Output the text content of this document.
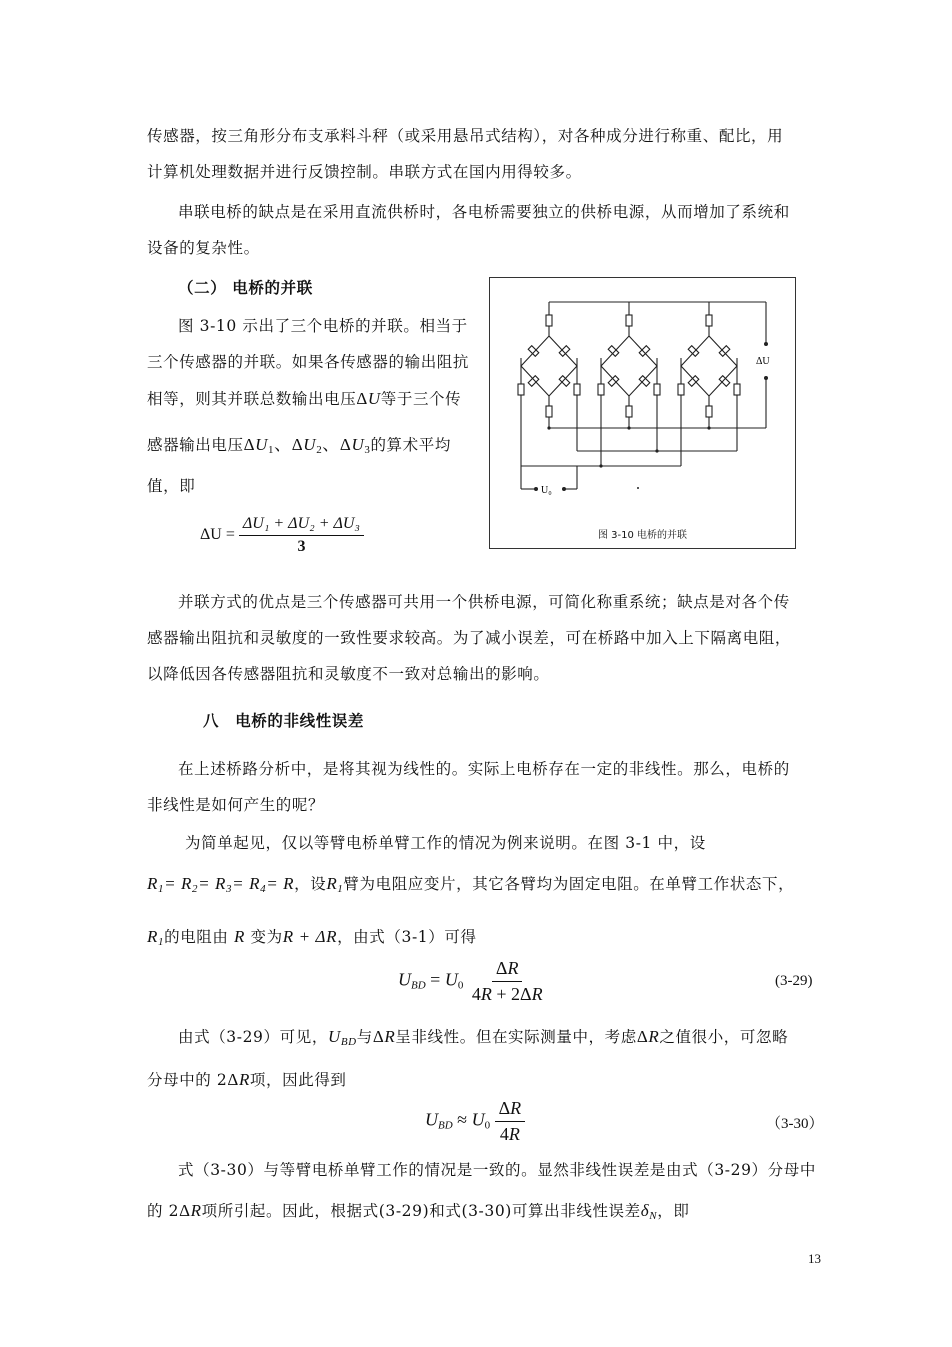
传感器，按三角形分布支承料斗秤（或采用悬吊式结构），对各种成分进行称重、配比，用
计算机处理数据并进行反馈控制。串联方式在国内用得较多。
串联电桥的缺点是在采用直流供桥时，各电桥需要独立的供桥电源，从而增加了系统和
设备的复杂性。
（二） 电桥的并联
图 3-10 示出了三个电桥的并联。相当于
三个传感器的并联。如果各传感器的输出阻抗
相等，则其并联总数输出电压ΔU等于三个传
感器输出电压$\Delta U_1$、$\Delta U_2$、$\Delta U_3$的算术平均
值，即
$\Delta U = \frac{\text{ΔU₁ + ΔU₂ + ΔU₃}}{3}$
ΔU
U₀
图 3-10 电桥的并联
并联方式的优点是三个传感器可共用一个供桥电源，可简化称重系统；缺点是对各个传
感器输出阻抗和灵敏度的一致性要求较高。为了减小误差，可在桥路中加入上下隔离电阻，
以降低因各传感器阻抗和灵敏度不一致对总输出的影响。
八　电桥的非线性误差
在上述桥路分析中，是将其视为线性的。实际上电桥存在一定的非线性。那么，电桥的
非线性是如何产生的呢？
为简单起见，仅以等臂电桥单臂工作的情况为例来说明。在图 3-1 中，设
$R_1= R_2= R_3= R_4= R$，设$R_1$臂为电阻应变片，其它各臂均为固定电阻。在单臂工作状态下，
$R_1$的电阻由 R 变为R + ΔR，由式（3-1）可得
$U_{BD} = U_0 \frac{\Delta R}{4R + 2\Delta R}$	(3-29)
由式（3-29）可见，$U_{BD}$与ΔR呈非线性。但在实际测量中，考虑ΔR之值很小，可忽略
分母中的 2ΔR项，因此得到
$U_{BD} \approx U_0 \frac{\Delta R}{4R}$	（3-30）
式（3-30）与等臂电桥单臂工作的情况是一致的。显然非线性误差是由式（3-29）分母中
的 2ΔR项所引起。因此，根据式(3-29)和式(3-30)可算出非线性误差$\delta_N$，即
13
